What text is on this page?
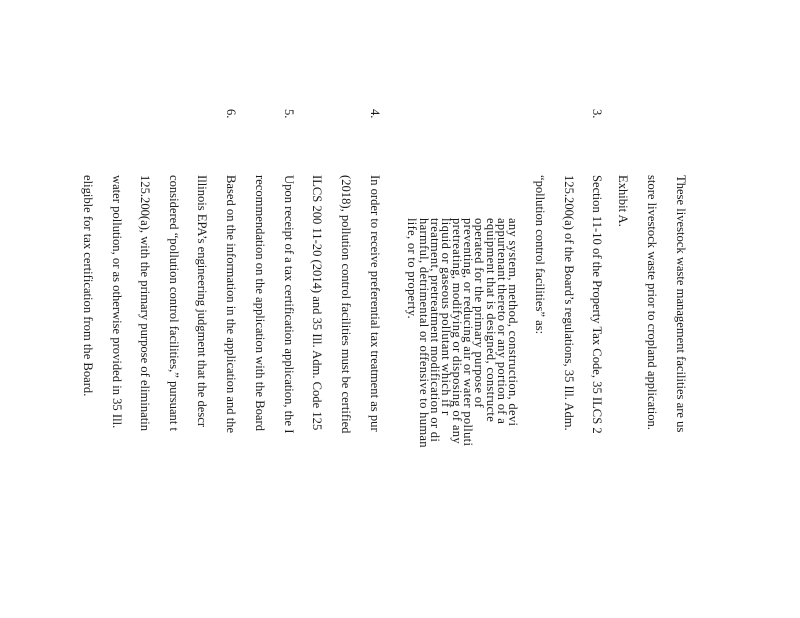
These livestock waste management facilities are us
store livestock waste prior to cropland application.
Exhibit A.
3.
Section 11-10 of the Property Tax Code, 35 ILCS 2
125.200(a) of the Board’s regulations, 35 Ill. Adm.
“pollution control facilities” as:
any system, method, construction, devi
appurtenant thereto or any portion of a
equipment that is designed, constructe
operated for the primary purpose of
preventing, or reducing air or water polluti
pretreating, modifying or disposing of any
liquid or gaseous pollutant which if r
treatment, pretreatment modification or di
harmful, detrimental or offensive to human
life, or to property.
4.
In order to receive preferential tax treatment as pur
(2018), pollution control facilities must be certified
ILCS 200 11-20 (2014) and 35 Ill. Adm. Code 125
5.
Upon receipt of a tax certification application, the I
recommendation on the application with the Board
6.
Based on the information in the application and the
Illinois EPA’s engineering judgment that the descr
considered “pollution control facilities,” pursuant t
125.200(a), with the primary purpose of eliminatin
water pollution, or as otherwise provided in 35 Ill.
eligible for tax certification from the Board.
